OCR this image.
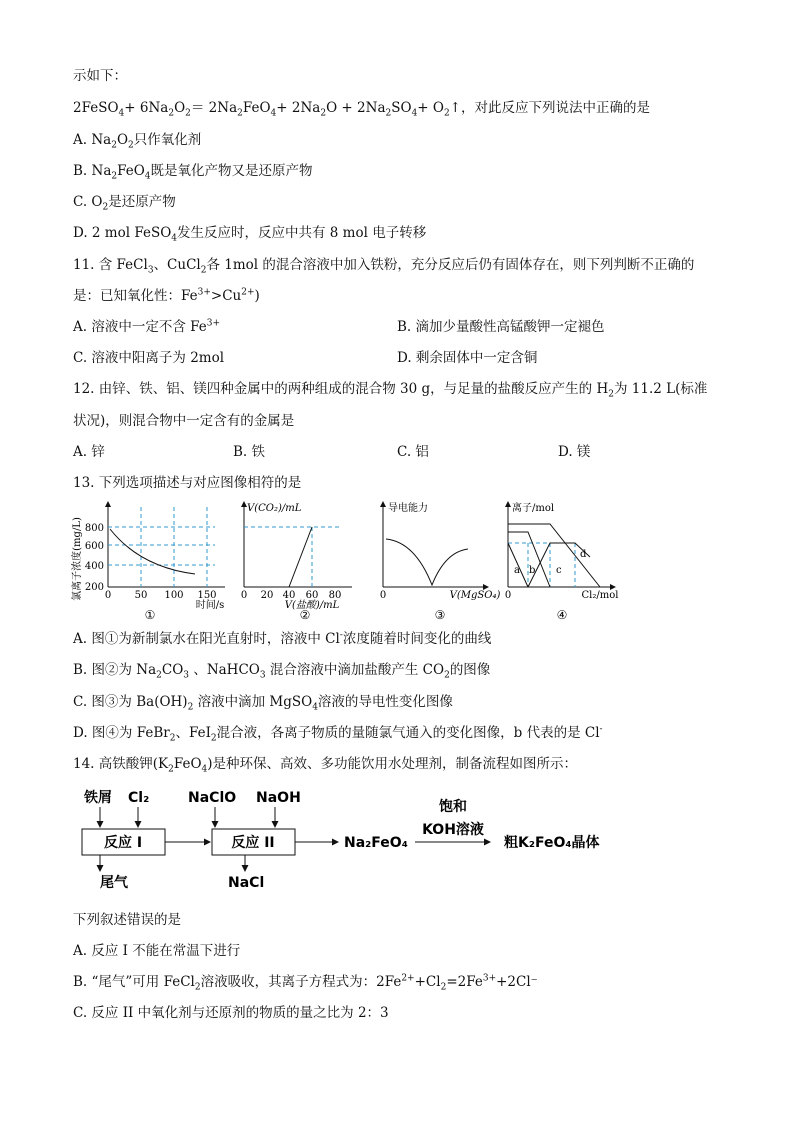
示如下：
2FeSO$_4$+ $6Na_2O_2= 2Na_2FeO_4+ 2Na_2O + 2Na_2SO_4+$ $O_2↑$，对此反应下列说法中正确的是
A. $Na_2O_2$只作氧化剂
B. $Na_2FeO_4$既是氧化产物又是还原产物
C. $O_2$是还原产物
D. 2 mol FeSO$_4$发生反应时，反应中共有 8 mol 电子转移
11. 含 FeCl$_3$、CuCl$_2$各 1mol 的混合溶液中加入铁粉，充分反应后仍有固体存在，则下列判断不正确的
是：已知氧化性：$Fe^{3+}>Cu^{2+}$)
A. 溶液中一定不含 $Fe^{3+}$	B. 滴加少量酸性高锰酸钾一定褪色
C. 溶液中阳离子为 2mol	D. 剩余固体中一定含铜
12. 由锌、铁、铝、镁四种金属中的两种组成的混合物 30 g，与足量的盐酸反应产生的 $H_2$为 11.2 L(标准
状况)，则混合物中一定含有的金属是
A. 锌	B. 铁	C. 铝	D. 镁
13. 下列选项描述与对应图像相符的是
氯离子浓度(mg/L) 800
600
400
200
0 50 100 150
时间/s
①
V(CO₂)/mL
0 20 40 60 80
V(盐酸)/mL
②
导电能力
0	V(MgSO₄)
③
离子/mol
a b c
d
0	Cl₂/mol
④
A. 图①为新制氯水在阳光直射时，溶液中 Cl-浓度随着时间变化的曲线
B. 图②为 $Na_2CO_3$ 、NaHCO$_3$ 混合溶液中滴加盐酸产生 $CO_2$的图像
C. 图③为 $Ba(OH)_2$ 溶液中滴加 MgSO$_4$溶液的导电性变化图像
D. 图④为 FeBr$_2$、FeI$_2$混合液，各离子物质的量随氯气通入的变化图像，b 代表的是 Cl-
14. 高铁酸钾$(K_2FeO_4)$是种环保、高效、多功能饮用水处理剂，制备流程如图所示：
铁屑 Cl₂	NaClO NaOH
反应 I	反应 II	Na₂FeO₄
饱和
KOH溶液
粗K₂FeO₄晶体
尾气	NaCl
下列叙述错误的是
A. 反应 I 不能在常温下进行
B. “尾气”可用 FeCl$_2$溶液吸收，其离子方程式为：$2Fe^{2+}+Cl_2=2Fe^{3+}+2Cl^-$
C. 反应 II 中氧化剂与还原剂的物质的量之比为 2：3
